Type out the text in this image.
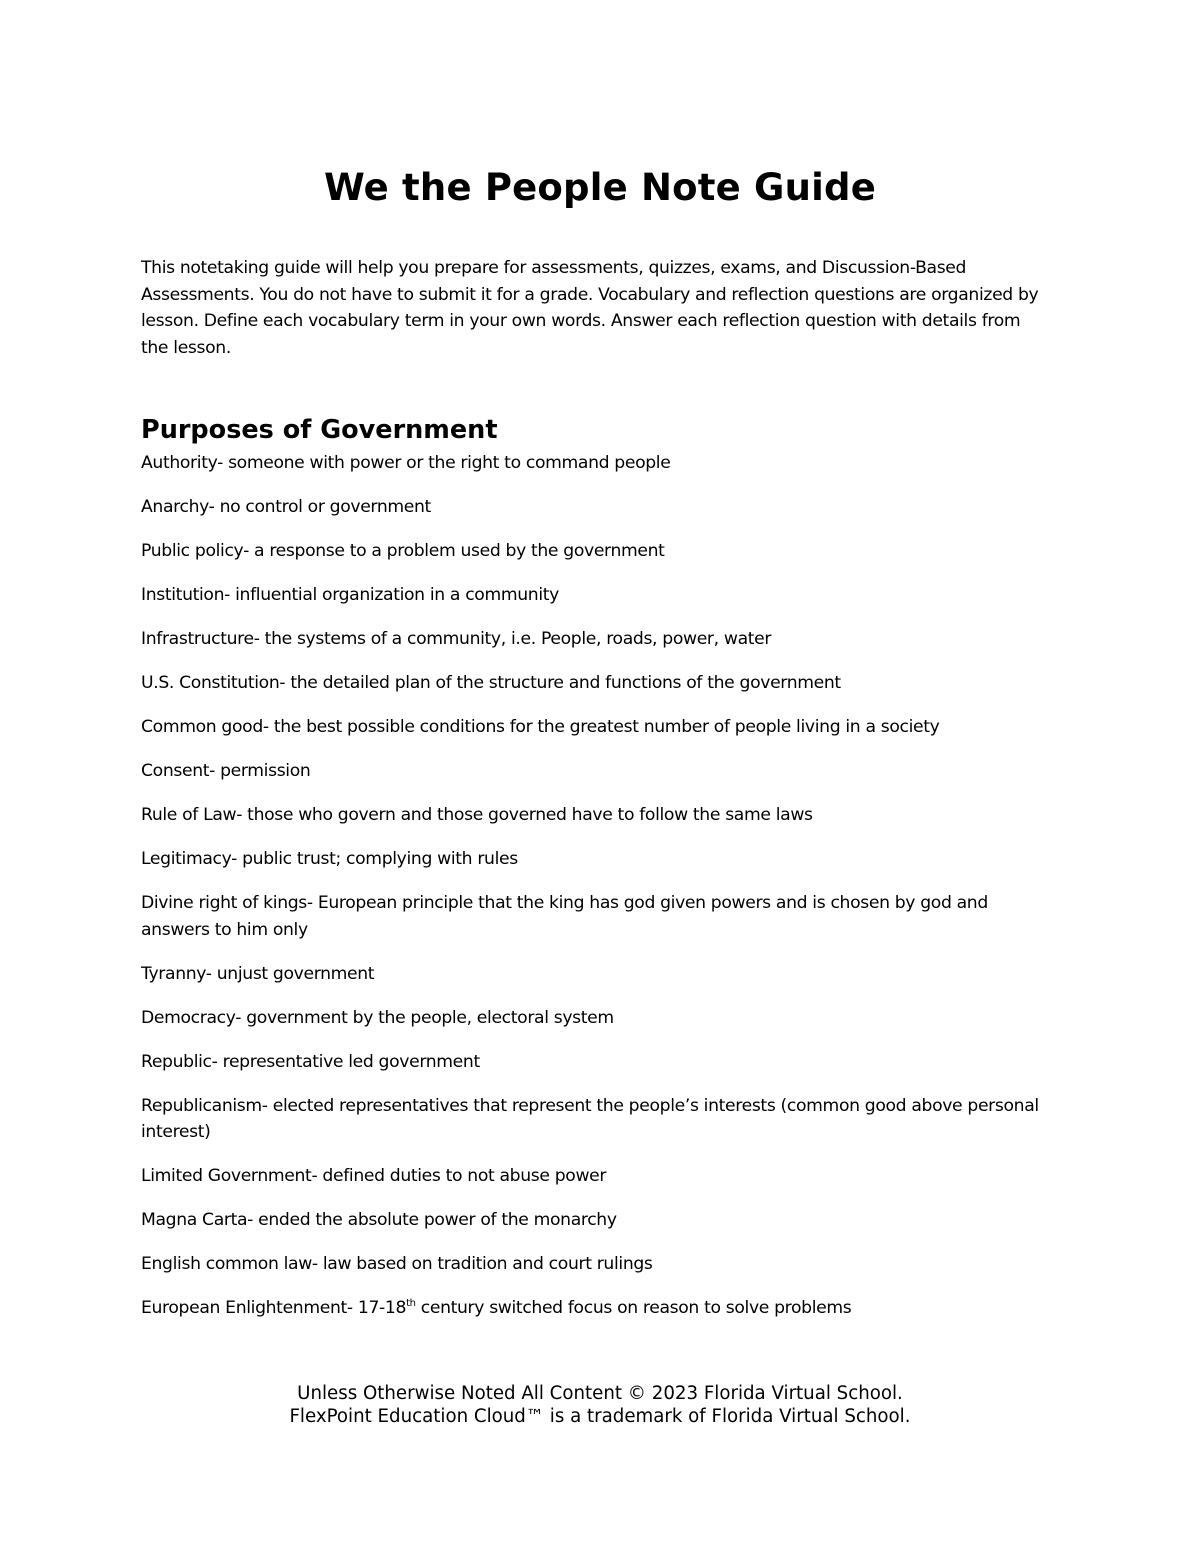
We the People Note Guide

This notetaking guide will help you prepare for assessments, quizzes, exams, and Discussion-Based Assessments. You do not have to submit it for a grade. Vocabulary and reflection questions are organized by lesson. Define each vocabulary term in your own words. Answer each reflection question with details from the lesson.

Purposes of Government
Authority- someone with power or the right to command people
Anarchy- no control or government
Public policy- a response to a problem used by the government
Institution- influential organization in a community
Infrastructure- the systems of a community, i.e. People, roads, power, water
U.S. Constitution- the detailed plan of the structure and functions of the government
Common good- the best possible conditions for the greatest number of people living in a society
Consent- permission
Rule of Law- those who govern and those governed have to follow the same laws
Legitimacy- public trust; complying with rules
Divine right of kings- European principle that the king has god given powers and is chosen by god and answers to him only
Tyranny- unjust government
Democracy- government by the people, electoral system
Republic- representative led government
Republicanism- elected representatives that represent the people’s interests (common good above personal interest)
Limited Government- defined duties to not abuse power
Magna Carta- ended the absolute power of the monarchy
English common law- law based on tradition and court rulings
European Enlightenment- 17-18th century switched focus on reason to solve problems
Unless Otherwise Noted All Content © 2023 Florida Virtual School.
FlexPoint Education Cloud™ is a trademark of Florida Virtual School.
